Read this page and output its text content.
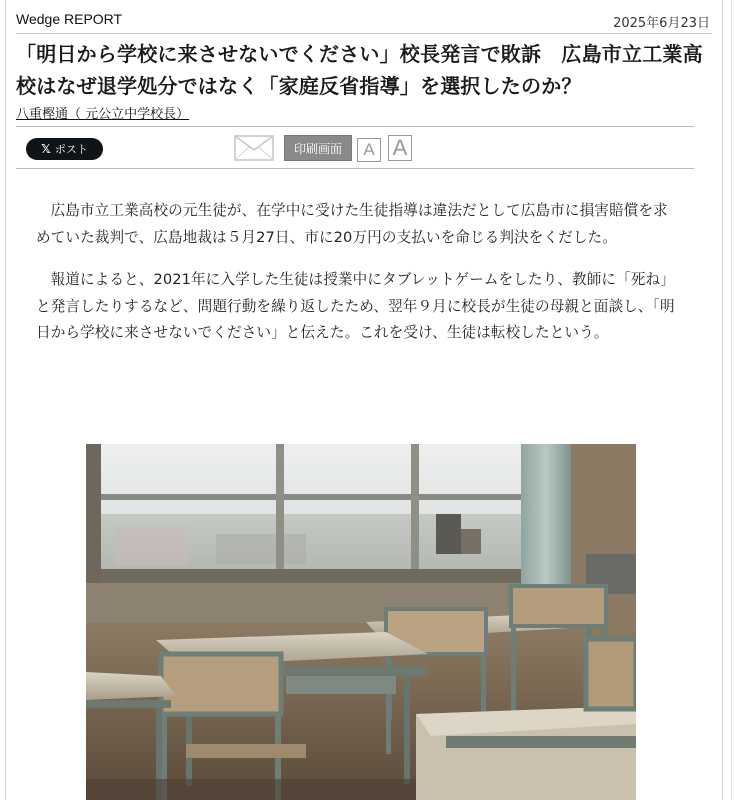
Wedge REPORT	2025年6月23日
「明日から学校に来させないでください」校長発言で敗訴　広島市立工業高校はなぜ退学処分ではなく「家庭反省指導」を選択したのか？
八重樫通（ 元公立中学校長）
𝕏 ポスト	印刷画面	A A

広島市立工業高校の元生徒が、在学中に受けた生徒指導は違法だとして広島市に損害賠償を求めていた裁判で、広島地裁は５月27日、市に20万円の支払いを命じる判決をくだした。

報道によると、2021年に入学した生徒は授業中にタブレットゲームをしたり、教師に「死ね」と発言したりするなど、問題行動を繰り返したため、翌年９月に校長が生徒の母親と面談し、「明日から学校に来させないでください」と伝えた。これを受け、生徒は転校したという。
